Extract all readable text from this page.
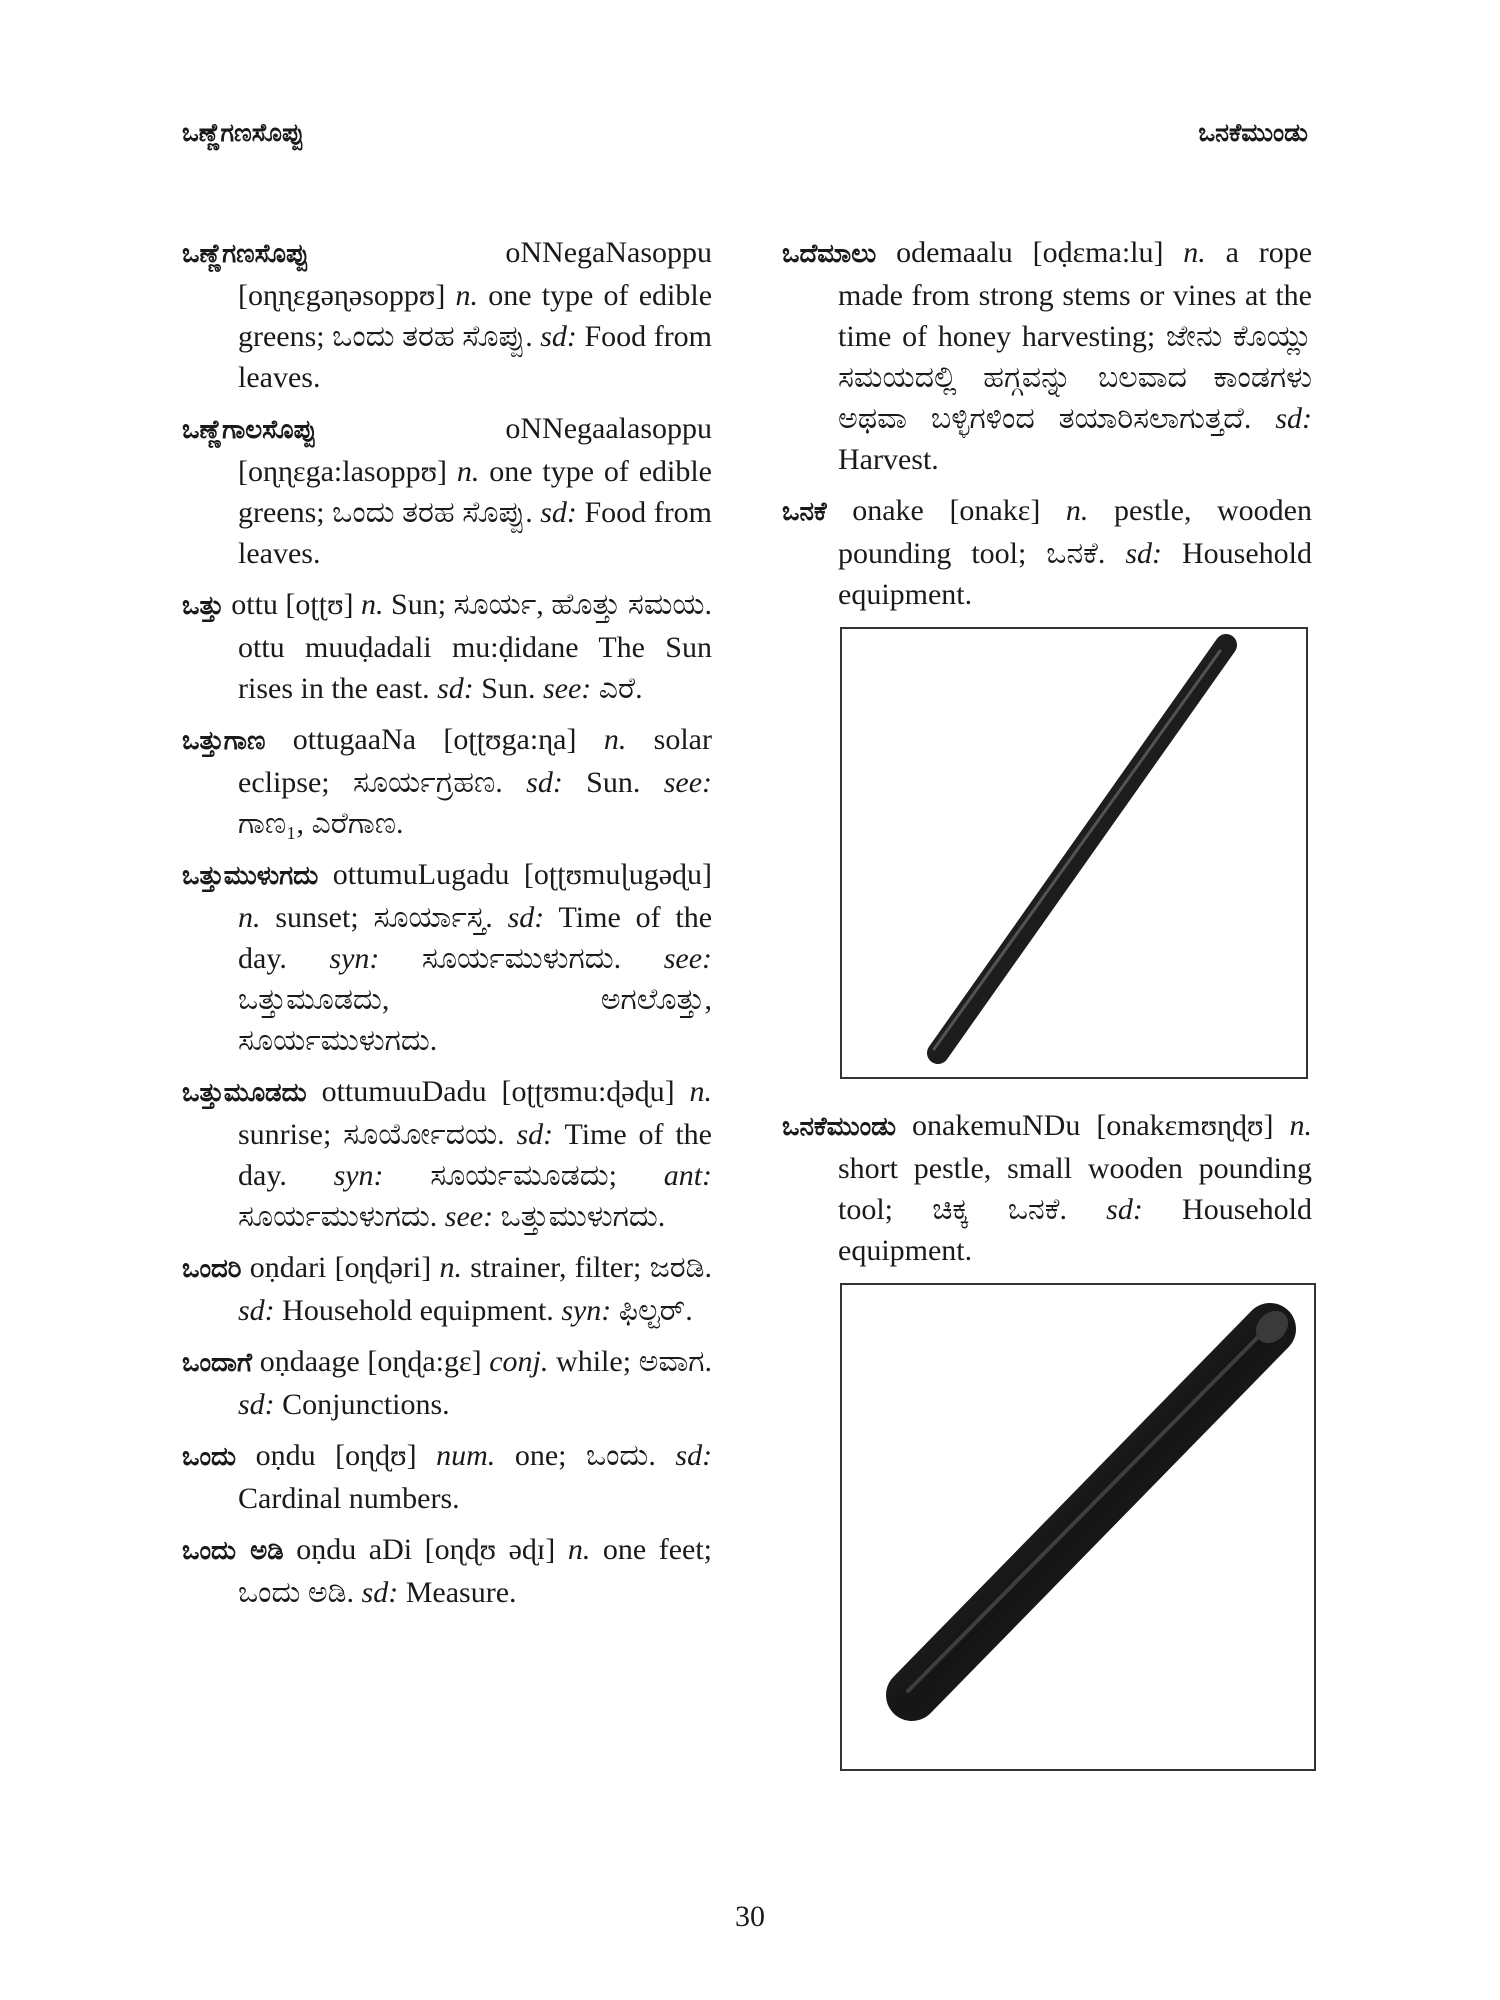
ಒಣ್ಣೆಗಣಸೊಪ್ಪು	ಒನಕೆಮುಂಡು
ಒಣ್ಣೆಗಣಸೊಪ್ಪು	oNNegaNasoppu [oɳɳɛgəɳəsoppʊ] n. one type of edible greens; ಒಂದು ತರಹ ಸೊಪ್ಪು. sd: Food from leaves.
ಒಣ್ಣೆಗಾಲಸೊಪ್ಪು	oNNegaalasoppu [oɳɳɛga:lasoppʊ] n. one type of edible greens; ಒಂದು ತರಹ ಸೊಪ್ಪು. sd: Food from leaves.
ಒತ್ತು ottu [oʈʈʊ] n. Sun; ಸೂರ್ಯ, ಹೊತ್ತು ಸಮಯ. ottu muuḍadali mu:ḍidane The Sun rises in the east. sd: Sun. see: ಎರೆ.
ಒತ್ತುಗಾಣ ottugaaNa [oʈʈʊga:ɳa] n. solar eclipse; ಸೂರ್ಯಗ್ರಹಣ. sd: Sun. see: ಗಾಣ₁, ಎರೆಗಾಣ.
ಒತ್ತುಮುಳುಗದು ottumuLugadu [oʈʈʊmuɭugəɖu] n. sunset; ಸೂರ್ಯಾಸ್ತ. sd: Time of the day. syn: ಸೂರ್ಯಮುಳುಗದು. see: ಒತ್ತುಮೂಡದು, ಅಗಲೊತ್ತು, ಸೂರ್ಯಮುಳುಗದು.
ಒತ್ತುಮೂಡದು ottumuuDadu [oʈʈʊmu:ɖəɖu] n. sunrise; ಸೂರ್ಯೋದಯ. sd: Time of the day. syn: ಸೂರ್ಯಮೂಡದು; ant: ಸೂರ್ಯಮುಳುಗದು. see: ಒತ್ತುಮುಳುಗದು.
ಒಂದರಿ oṇdari [oɳɖəri] n. strainer, filter; ಜರಡಿ. sd: Household equipment. syn: ಫಿಲ್ಟರ್.
ಒಂದಾಗೆ oṇdaage [oɳɖa:gɛ] conj. while; ಅವಾಗ. sd: Conjunctions.
ಒಂದು oṇdu [oɳɖʊ] num. one; ಒಂದು. sd: Cardinal numbers.
ಒಂದು ಅಡಿ oṇdu aDi [oɳɖʊ əɖɪ] n. one feet; ಒಂದು ಅಡಿ. sd: Measure.
ಒದೆಮಾಲು odemaalu [oḍɛma:lu] n. a rope made from strong stems or vines at the time of honey harvesting; ಜೇನು ಕೊಯ್ಲು ಸಮಯದಲ್ಲಿ ಹಗ್ಗವನ್ನು ಬಲವಾದ ಕಾಂಡಗಳು ಅಥವಾ ಬಳ್ಳಿಗಳಿಂದ ತಯಾರಿಸಲಾಗುತ್ತದೆ. sd: Harvest.
ಒನಕೆ onake [onakɛ] n. pestle, wooden pounding tool; ಒನಕೆ. sd: Household equipment.
ಒನಕೆಮುಂಡು onakemuNDu [onakɛmʊɳɖʊ] n. short pestle, small wooden pounding tool; ಚಿಕ್ಕ ಒನಕೆ. sd: Household equipment.
30
